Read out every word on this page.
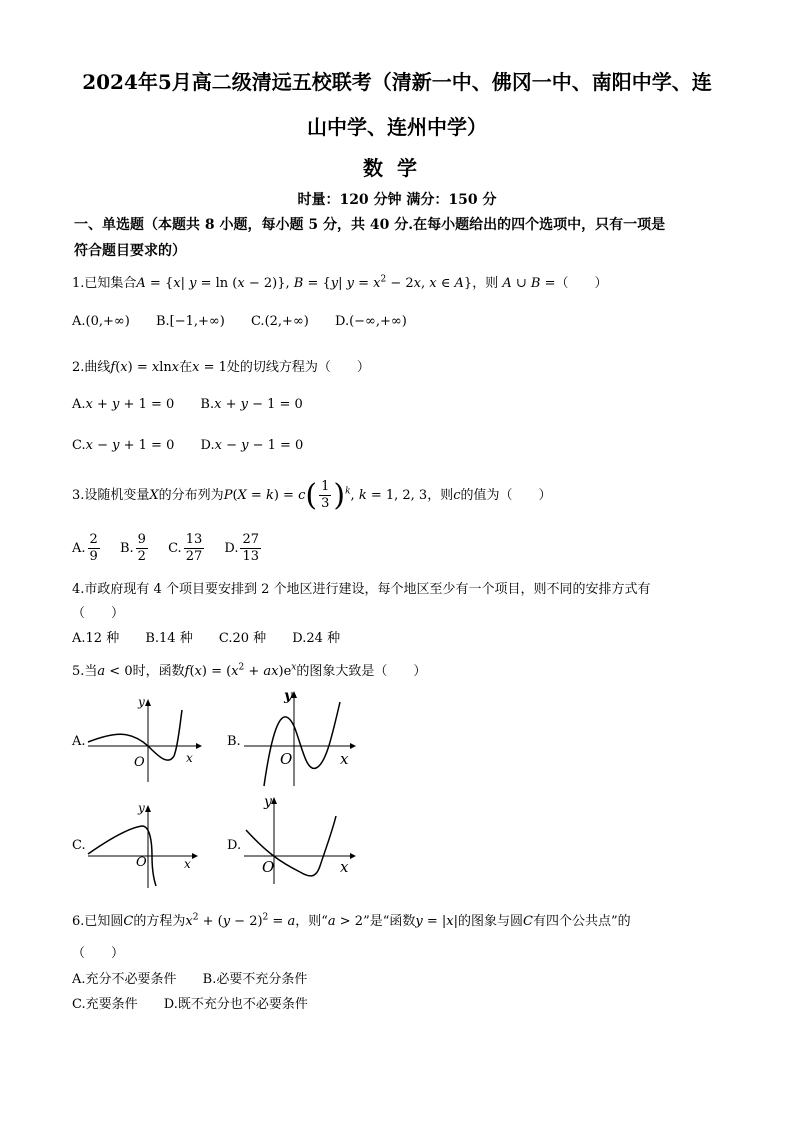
2024年5月高二级清远五校联考（清新一中、佛冈一中、南阳中学、连
山中学、连州中学）
数学
时量：120 分钟 满分：150 分
一、单选题（本题共 8 小题，每小题 5 分，共 40 分.在每小题给出的四个选项中，只有一项是
符合题目要求的）
1.已知集合A = {x| y = ln (x − 2)}, B = {y| $y = x^2 - 2x$, x ∈ A}，则 A ∪ B =（　　）
A.(0,+∞) B.[−1,+∞) C.(2,+∞) D.(−∞,+∞)
2.曲线f(x) = xlnx在x = 1处的切线方程为（　　）
A.x + y + 1 = 0 B.x + y − 1 = 0
C.x − y + 1 = 0 D.x − y − 1 = 0
3.设随机变量X的分布列为$P(X = k) = c( \frac{1}{3} )^k$, k = 1, 2, 3，则c的值为（　　）
A. $\frac{2}{9} B$. $\frac{9}{2} C$. $\frac{13}{27} D$. $\frac{27}{13}$
4.市政府现有 4 个项目要安排到 2 个地区进行建设，每个地区至少有一个项目，则不同的安排方式有
（　　）
A.12 种 B.14 种 C.20 种 D.24 种
5.当a < 0时，函数$f(x) = (x^2 + ax)e^x$的图象大致是（　　）
A.
y
O	x
B.
y
O	x
C.
y
O	x
D.
y
O	x
6.已知圆C的方程为$x^2 + (y - 2)^2 = a$，则“a > 2”是“函数y = |x|的图象与圆C有四个公共点”的
（　　）
A.充分不必要条件 B.必要不充分条件
C.充要条件 D.既不充分也不必要条件
